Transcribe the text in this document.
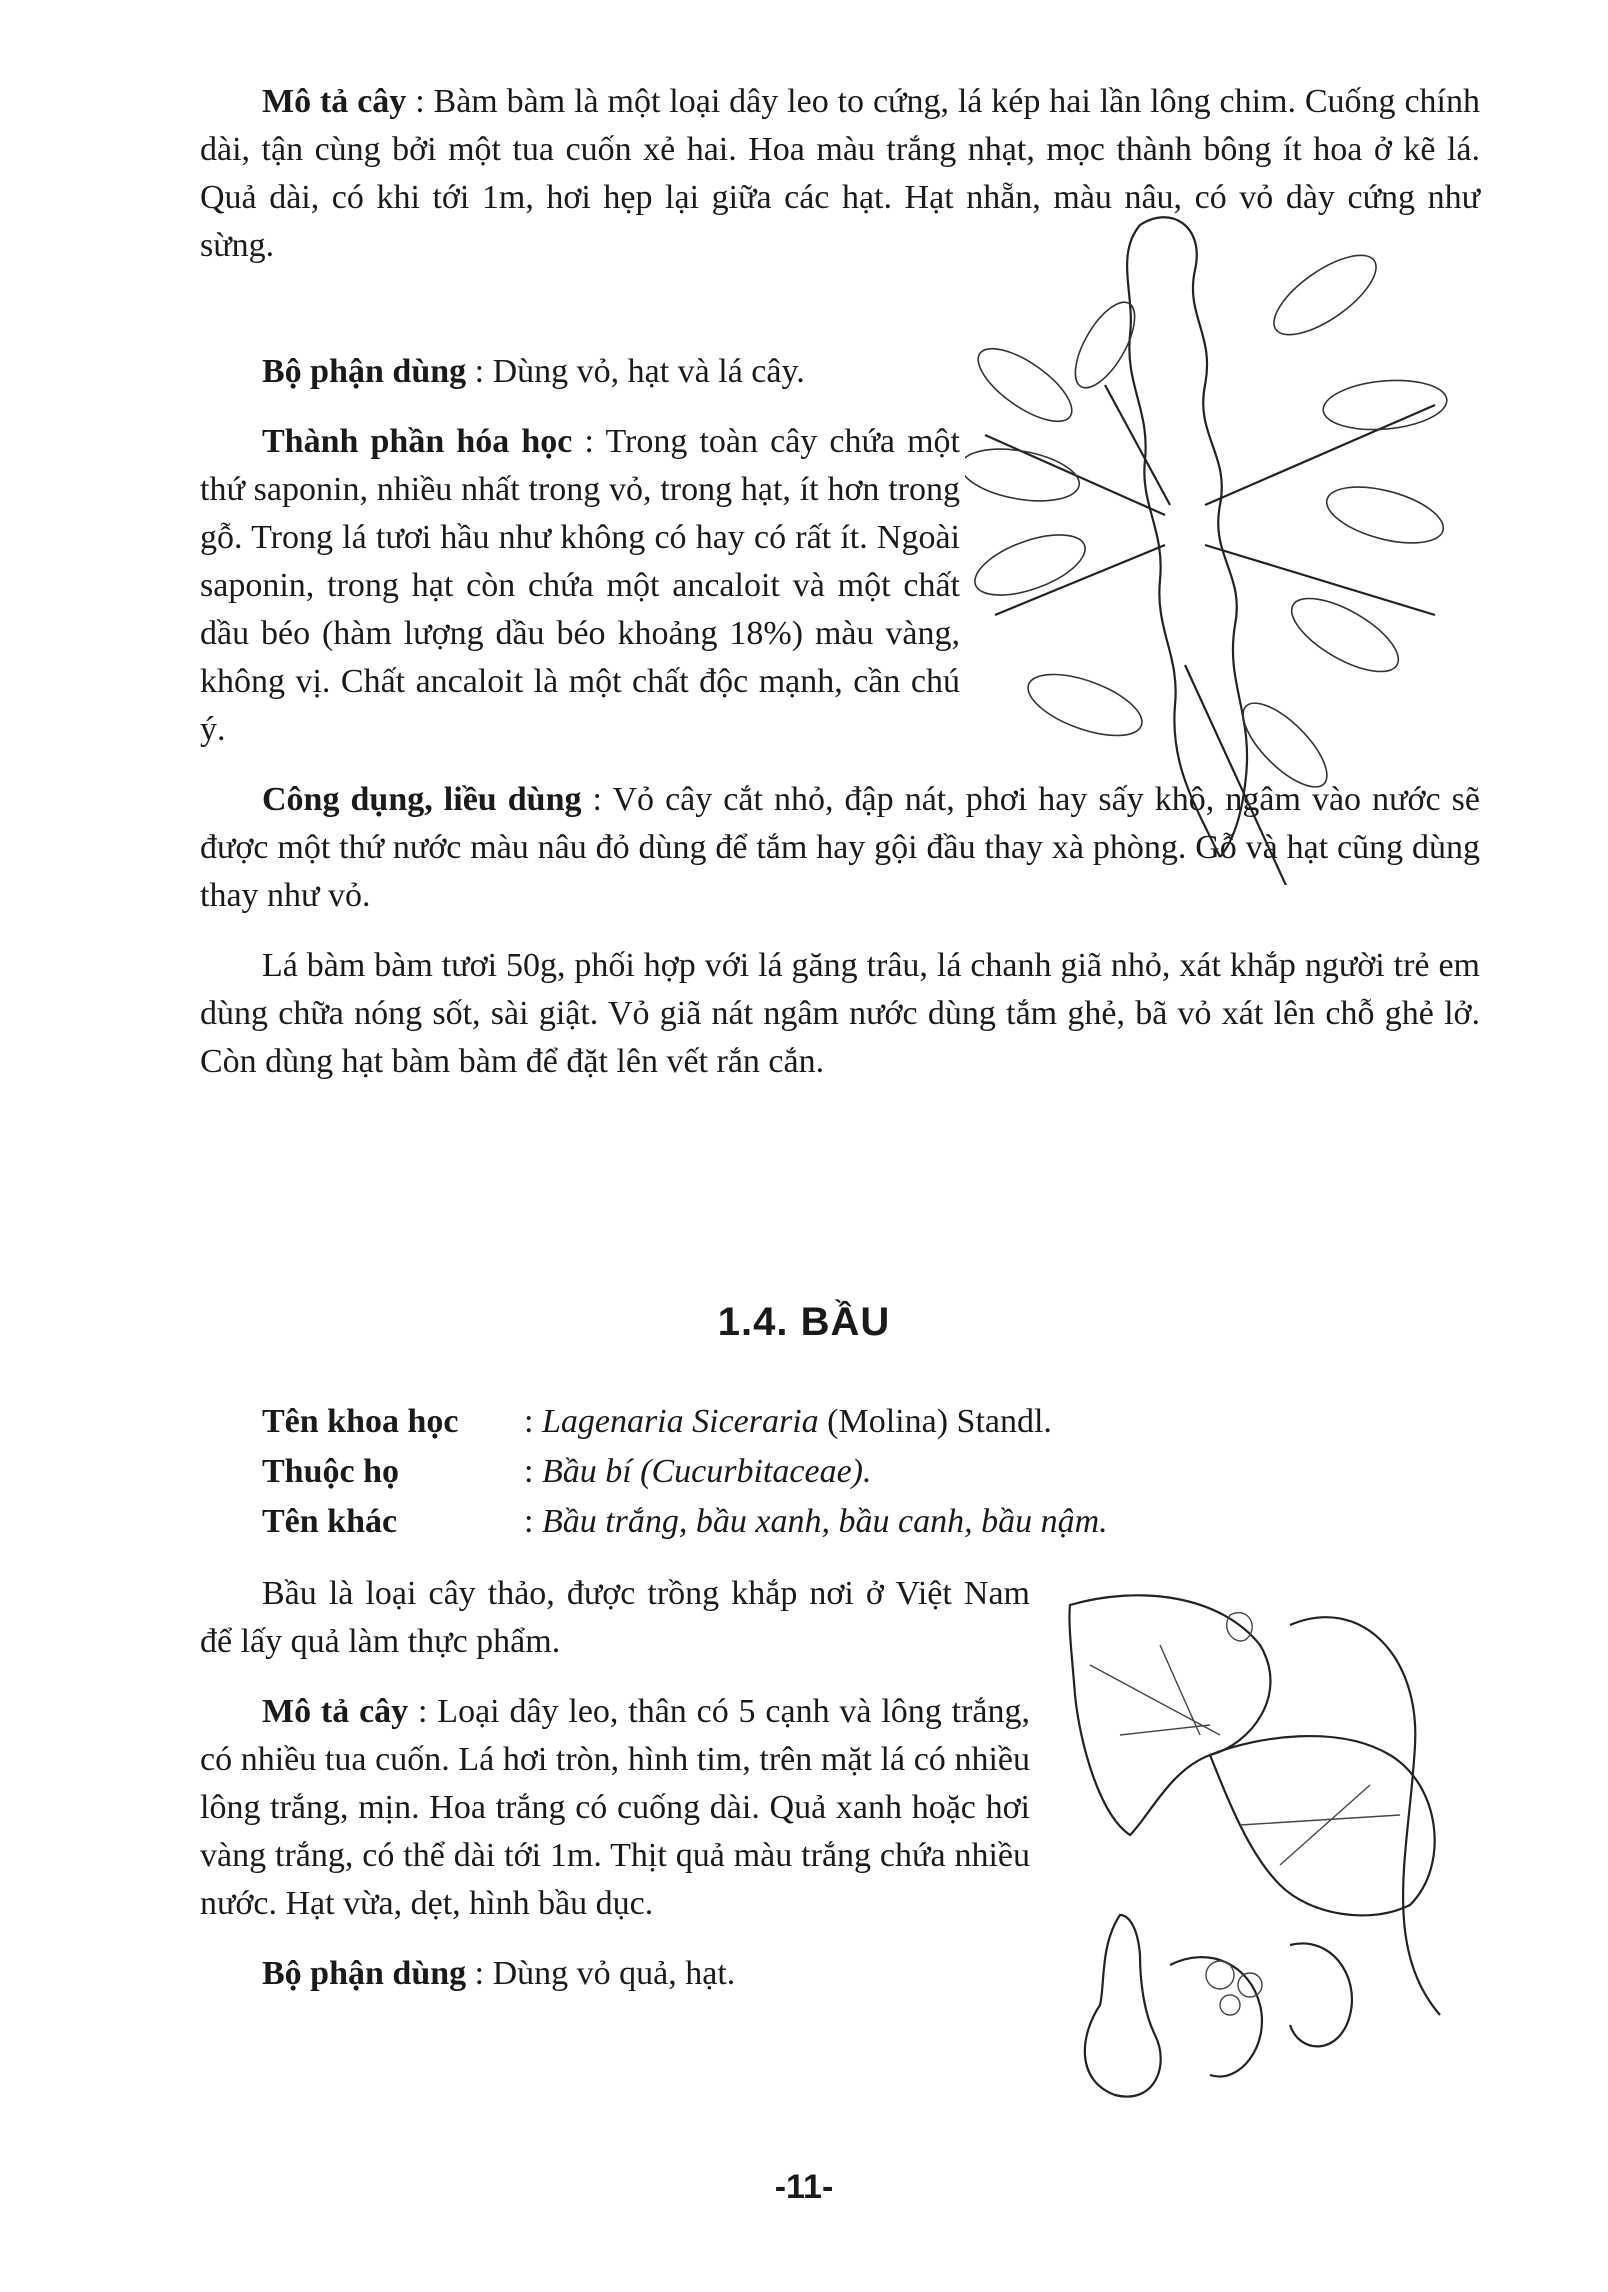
Mô tả cây : Bàm bàm là một loại dây leo to cứng, lá kép hai lần lông chim. Cuống chính dài, tận cùng bởi một tua cuốn xẻ hai. Hoa màu trắng nhạt, mọc thành bông ít hoa ở kẽ lá. Quả dài, có khi tới 1m, hơi hẹp lại giữa các hạt. Hạt nhẵn, màu nâu, có vỏ dày cứng như sừng.

Bộ phận dùng : Dùng vỏ, hạt và lá cây.

Thành phần hóa học : Trong toàn cây chứa một thứ saponin, nhiều nhất trong vỏ, trong hạt, ít hơn trong gỗ. Trong lá tươi hầu như không có hay có rất ít. Ngoài saponin, trong hạt còn chứa một ancaloit và một chất dầu béo (hàm lượng dầu béo khoảng 18%) màu vàng, không vị. Chất ancaloit là một chất độc mạnh, cần chú ý.

Công dụng, liều dùng : Vỏ cây cắt nhỏ, đập nát, phơi hay sấy khô, ngâm vào nước sẽ được một thứ nước màu nâu đỏ dùng để tắm hay gội đầu thay xà phòng. Gỗ và hạt cũng dùng thay như vỏ.

Lá bàm bàm tươi 50g, phối hợp với lá găng trâu, lá chanh giã nhỏ, xát khắp người trẻ em dùng chữa nóng sốt, sài giật. Vỏ giã nát ngâm nước dùng tắm ghẻ, bã vỏ xát lên chỗ ghẻ lở. Còn dùng hạt bàm bàm để đặt lên vết rắn cắn.

1.4. BẦU
Tên khoa học	: Lagenaria Siceraria (Molina) Standl.
Thuộc họ	: Bầu bí (Cucurbitaceae).
Tên khác	: Bầu trắng, bầu xanh, bầu canh, bầu nậm.

Bầu là loại cây thảo, được trồng khắp nơi ở Việt Nam để lấy quả làm thực phẩm.

Mô tả cây : Loại dây leo, thân có 5 cạnh và lông trắng, có nhiều tua cuốn. Lá hơi tròn, hình tim, trên mặt lá có nhiều lông trắng, mịn. Hoa trắng có cuống dài. Quả xanh hoặc hơi vàng trắng, có thể dài tới 1m. Thịt quả màu trắng chứa nhiều nước. Hạt vừa, dẹt, hình bầu dục.

Bộ phận dùng : Dùng vỏ quả, hạt.

-11-
